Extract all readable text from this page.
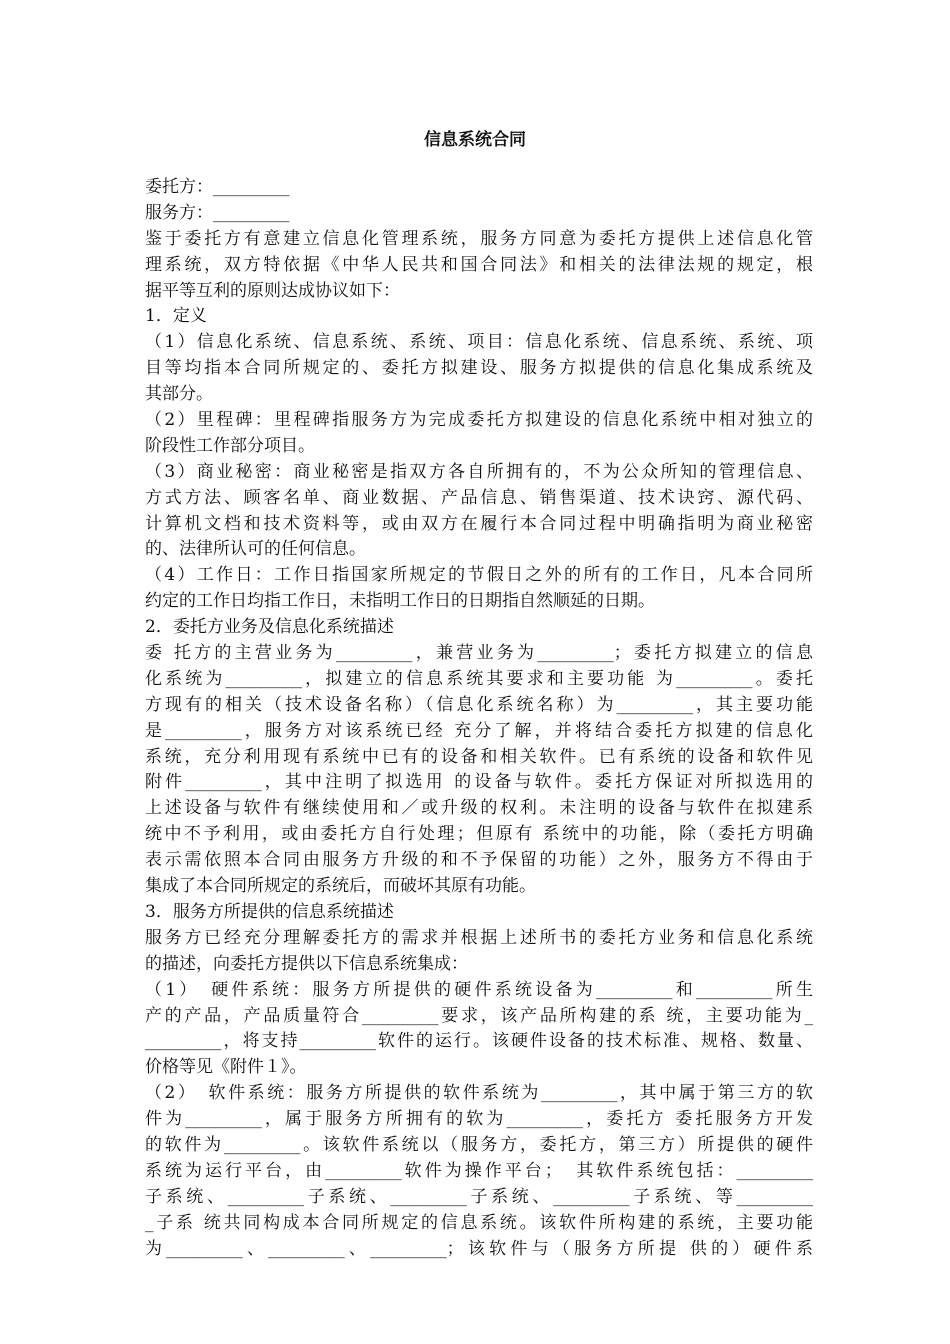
信息系统合同
委托方：_________
服务方：_________
鉴于委托方有意建立信息化管理系统，服务方同意为委托方提供上述信息化管
理系统，双方特依据《中华人民共和国合同法》和相关的法律法规的规定，根
据平等互利的原则达成协议如下：
1．定义
（1）信息化系统、信息系统、系统、项目：信息化系统、信息系统、系统、项
目等均指本合同所规定的、委托方拟建设、服务方拟提供的信息化集成系统及
其部分。
（2）里程碑：里程碑指服务方为完成委托方拟建设的信息化系统中相对独立的
阶段性工作部分项目。
（3）商业秘密：商业秘密是指双方各自所拥有的，不为公众所知的管理信息、
方式方法、顾客名单、商业数据、产品信息、销售渠道、技术诀窍、源代码、
计算机文档和技术资料等，或由双方在履行本合同过程中明确指明为商业秘密
的、法律所认可的任何信息。
（4）工作日：工作日指国家所规定的节假日之外的所有的工作日，凡本合同所
约定的工作日均指工作日，未指明工作日的日期指自然顺延的日期。
2．委托方业务及信息化系统描述
委 托方的主营业务为_________，兼营业务为_________；委托方拟建立的信息
化系统为_________，拟建立的信息系统其要求和主要功能 为_________。委托
方现有的相关（技术设备名称）（信息化系统名称）为_________，其主要功能
是_________，服务方对该系统已经 充分了解，并将结合委托方拟建的信息化
系统，充分利用现有系统中已有的设备和相关软件。已有系统的设备和软件见
附件_________，其中注明了拟选用 的设备与软件。委托方保证对所拟选用的
上述设备与软件有继续使用和／或升级的权利。未注明的设备与软件在拟建系
统中不予利用，或由委托方自行处理；但原有 系统中的功能，除（委托方明确
表示需依照本合同由服务方升级的和不予保留的功能）之外，服务方不得由于
集成了本合同所规定的系统后，而破坏其原有功能。
3．服务方所提供的信息系统描述
服务方已经充分理解委托方的需求并根据上述所书的委托方业务和信息化系统
的描述，向委托方提供以下信息系统集成：
（1）　硬件系统：服务方所提供的硬件系统设备为_________和_________所生
产的产品，产品质量符合_________要求，该产品所构建的系 统，主要功能为_
_________，将支持_________软件的运行。该硬件设备的技术标准、规格、数量、
价格等见《附件１》。
（2）　软件系统：服务方所提供的软件系统为_________，其中属于第三方的软
件为_________，属于服务方所拥有的软为_________，委托方 委托服务方开发
的软件为_________。该软件系统以（服务方，委托方，第三方）所提供的硬件
系统为运行平台，由_________软件为操作平台；　其软件系统包括：_________
子系统、_________子系统、_________子系统、_________子系统、等_________
_子系 统共同构成本合同所规定的信息系统。该软件所构建的系统，主要功能
为_________、_________、_________；该软件与（服务方所提 供的）硬件系
